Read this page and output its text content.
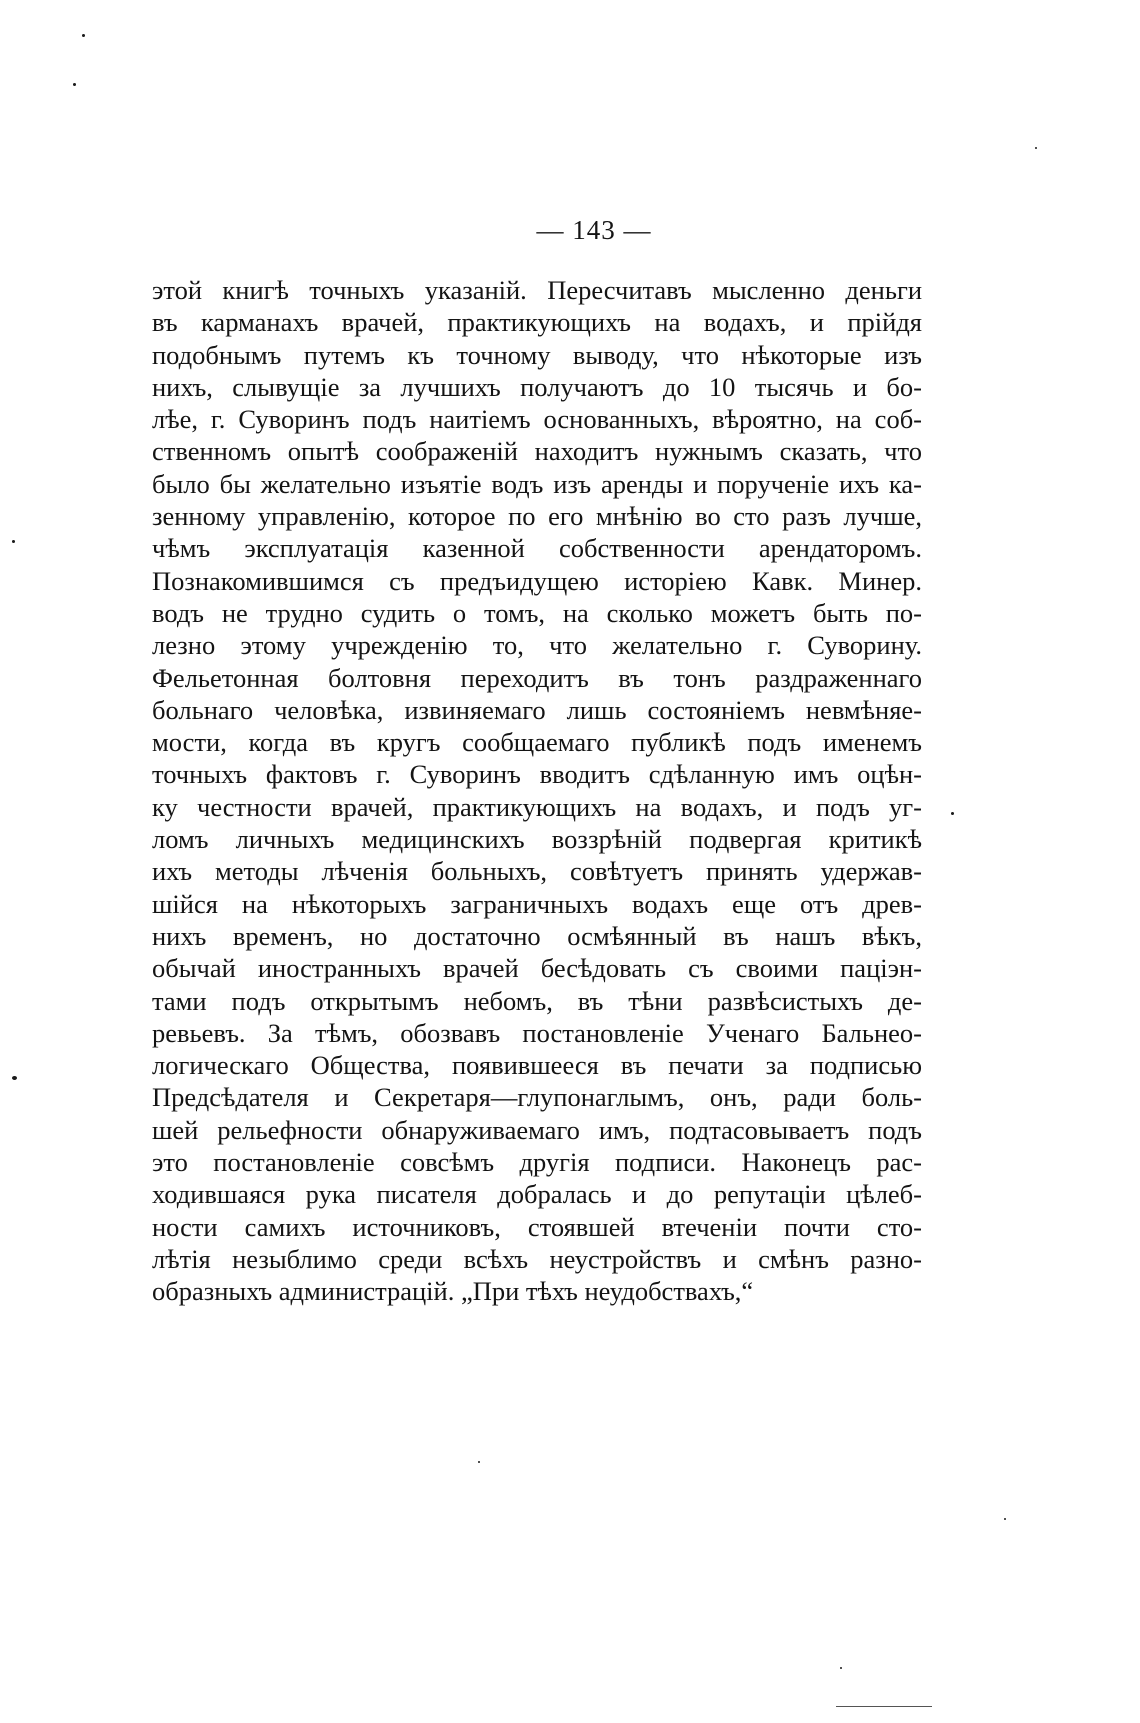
— 143 —
этой книгѣ точныхъ указаній. Пересчитавъ мысленно деньги
въ карманахъ врачей, практикующихъ на водахъ, и прійдя
подобнымъ путемъ къ точному выводу, что нѣкоторые изъ
нихъ, слывущіе за лучшихъ получаютъ до 10 тысячь и бо-
лѣе, г. Суворинъ подъ наитіемъ основанныхъ, вѣроятно, на соб-
ственномъ опытѣ соображеній находитъ нужнымъ сказать, что
было бы желательно изъятіе водъ изъ аренды и порученіе ихъ ка-
зенному управленію, которое по его мнѣнію во сто разъ лучше,
чѣмъ эксплуатація казенной собственности арендаторомъ.
Познакомившимся съ предъидущею исторіею Кавк. Минер.
водъ не трудно судить о томъ, на сколько можетъ быть по-
лезно этому учрежденію то, что желательно г. Суворину.
Фельетонная болтовня переходитъ въ тонъ раздраженнаго
больнаго человѣка, извиняемаго лишь состояніемъ невмѣняе-
мости, когда въ кругъ сообщаемаго публикѣ подъ именемъ
точныхъ фактовъ г. Суворинъ вводитъ сдѣланную имъ оцѣн-
ку честности врачей, практикующихъ на водахъ, и подъ уг-
ломъ личныхъ медицинскихъ воззрѣній подвергая критикѣ
ихъ методы лѣченія больныхъ, совѣтуетъ принять удержав-
шійся на нѣкоторыхъ заграничныхъ водахъ еще отъ древ-
нихъ временъ, но достаточно осмѣянный въ нашъ вѣкъ,
обычай иностранныхъ врачей бесѣдовать съ своими паціэн-
тами подъ открытымъ небомъ, въ тѣни развѣсистыхъ де-
ревьевъ. За тѣмъ, обозвавъ постановленіе Ученаго Бальнео-
логическаго Общества, появившееся въ печати за подписью
Предсѣдателя и Секретаря—глупонаглымъ, онъ, ради боль-
шей рельефности обнаруживаемаго имъ, подтасовываетъ подъ
это постановленіе совсѣмъ другія подписи. Наконецъ рас-
ходившаяся рука писателя добралась и до репутаціи цѣлеб-
ности самихъ источниковъ, стоявшей втеченіи почти сто-
лѣтія незыблимо среди всѣхъ неустройствъ и смѣнъ разно-
образныхъ администрацій. „При тѣхъ неудобствахъ,“
